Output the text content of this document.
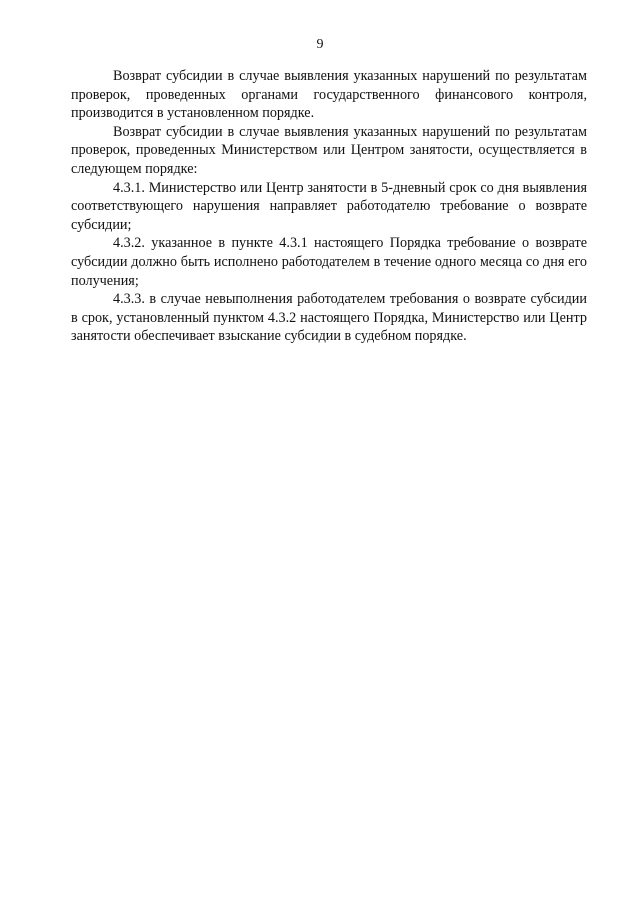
9

Возврат субсидии в случае выявления указанных нарушений по результатам проверок, проведенных органами государственного финансового контроля, производится в установленном порядке.

Возврат субсидии в случае выявления указанных нарушений по результатам проверок, проведенных Министерством или Центром занятости, осуществляется в следующем порядке:

4.3.1. Министерство или Центр занятости в 5-дневный срок со дня выявления соответствующего нарушения направляет работодателю требование о возврате субсидии;

4.3.2. указанное в пункте 4.3.1 настоящего Порядка требование о возврате субсидии должно быть исполнено работодателем в течение одного месяца со дня его получения;

4.3.3. в случае невыполнения работодателем требования о возврате субсидии в срок, установленный пунктом 4.3.2 настоящего Порядка, Министерство или Центр занятости обеспечивает взыскание субсидии в судебном порядке.
